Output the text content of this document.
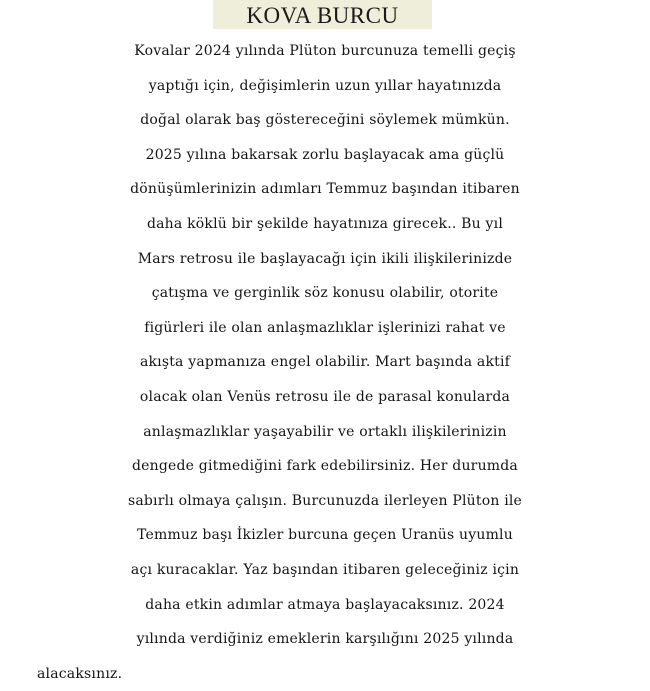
KOVA BURCU
Kovalar 2024 yılında Plüton burcunuza temelli geçiş
yaptığı için, değişimlerin uzun yıllar hayatınızda
doğal olarak baş göstereceğini söylemek mümkün.
2025 yılına bakarsak zorlu başlayacak ama güçlü
dönüşümlerinizin adımları Temmuz başından itibaren
daha köklü bir şekilde hayatınıza girecek.. Bu yıl
Mars retrosu ile başlayacağı için ikili ilişkilerinizde
çatışma ve gerginlik söz konusu olabilir, otorite
figürleri ile olan anlaşmazlıklar işlerinizi rahat ve
akışta yapmanıza engel olabilir. Mart başında aktif
olacak olan Venüs retrosu ile de parasal konularda
anlaşmazlıklar yaşayabilir ve ortaklı ilişkilerinizin
dengede gitmediğini fark edebilirsiniz. Her durumda
sabırlı olmaya çalışın. Burcunuzda ilerleyen Plüton ile
Temmuz başı İkizler burcuna geçen Uranüs uyumlu
açı kuracaklar. Yaz başından itibaren geleceğiniz için
daha etkin adımlar atmaya başlayacaksınız. 2024
yılında verdiğiniz emeklerin karşılığını 2025 yılında
alacaksınız.
